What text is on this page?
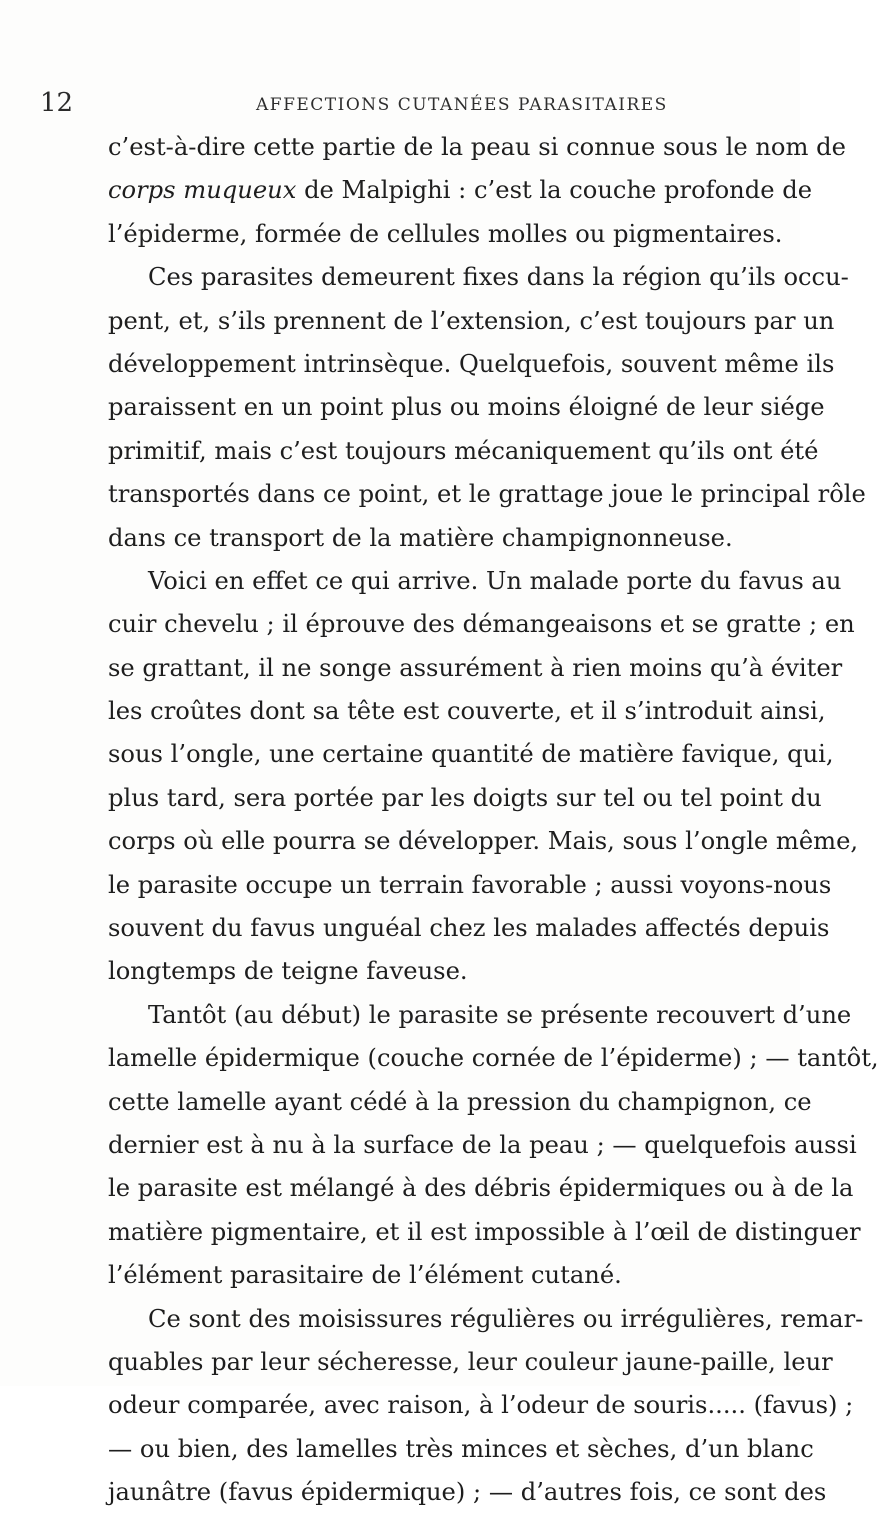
12	AFFECTIONS CUTANÉES PARASITAIRES
c’est-à-dire cette partie de la peau si connue sous le nom de
corps muqueux de Malpighi : c’est la couche profonde de
l’épiderme, formée de cellules molles ou pigmentaires.
Ces parasites demeurent fixes dans la région qu’ils occu-
pent, et, s’ils prennent de l’extension, c’est toujours par un
développement intrinsèque. Quelquefois, souvent même ils
paraissent en un point plus ou moins éloigné de leur siége
primitif, mais c’est toujours mécaniquement qu’ils ont été
transportés dans ce point, et le grattage joue le principal rôle
dans ce transport de la matière champignonneuse.
Voici en effet ce qui arrive. Un malade porte du favus au
cuir chevelu ; il éprouve des démangeaisons et se gratte ; en
se grattant, il ne songe assurément à rien moins qu’à éviter
les croûtes dont sa tête est couverte, et il s’introduit ainsi,
sous l’ongle, une certaine quantité de matière favique, qui,
plus tard, sera portée par les doigts sur tel ou tel point du
corps où elle pourra se développer. Mais, sous l’ongle même,
le parasite occupe un terrain favorable ; aussi voyons-nous
souvent du favus unguéal chez les malades affectés depuis
longtemps de teigne faveuse.
Tantôt (au début) le parasite se présente recouvert d’une
lamelle épidermique (couche cornée de l’épiderme) ; — tantôt,
cette lamelle ayant cédé à la pression du champignon, ce
dernier est à nu à la surface de la peau ; — quelquefois aussi
le parasite est mélangé à des débris épidermiques ou à de la
matière pigmentaire, et il est impossible à l’œil de distinguer
l’élément parasitaire de l’élément cutané.
Ce sont des moisissures régulières ou irrégulières, remar-
quables par leur sécheresse, leur couleur jaune-paille, leur
odeur comparée, avec raison, à l’odeur de souris..... (favus) ;
— ou bien, des lamelles très minces et sèches, d’un blanc
jaunâtre (favus épidermique) ; — d’autres fois, ce sont des
